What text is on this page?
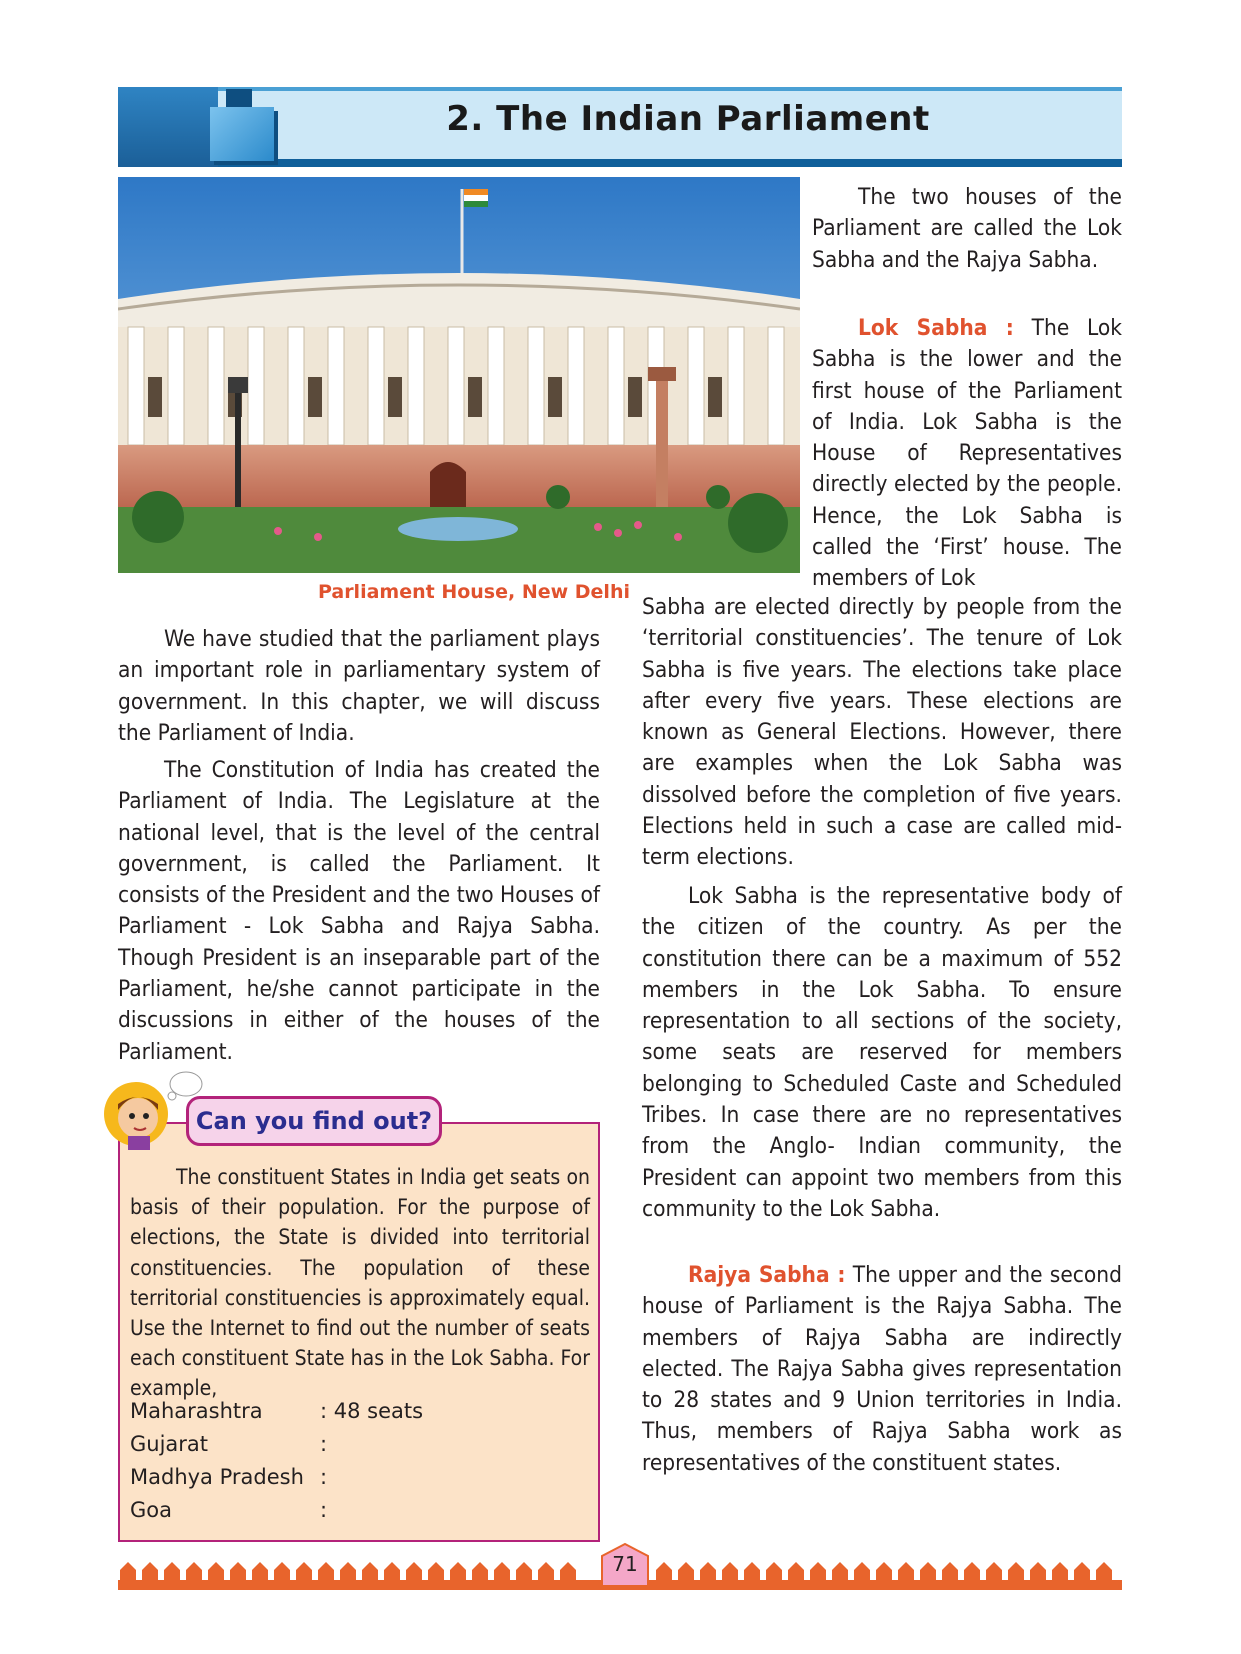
2. The Indian Parliament
Parliament House, New Delhi

The two houses of the Parliament are called the Lok Sabha and the Rajya Sabha.

Lok Sabha : The Lok Sabha is the lower and the first house of the Parliament of India. Lok Sabha is the House of Representatives directly elected by the people. Hence, the Lok Sabha is called the ‘First’ house. The members of Lok

Sabha are elected directly by people from the ‘territorial constituencies’. The tenure of Lok Sabha is five years. The elections take place after every five years. These elections are known as General Elections. However, there are examples when the Lok Sabha was dissolved before the completion of five years. Elections held in such a case are called mid-term elections.

Lok Sabha is the representative body of the citizen of the country. As per the constitution there can be a maximum of 552 members in the Lok Sabha. To ensure representation to all sections of the society, some seats are reserved for members belonging to Scheduled Caste and Scheduled Tribes. In case there are no representatives from the Anglo- Indian community, the President can appoint two members from this community to the Lok Sabha.

Rajya Sabha : The upper and the second house of Parliament is the Rajya Sabha. The members of Rajya Sabha are indirectly elected. The Rajya Sabha gives representation to 28 states and 9 Union territories in India. Thus, members of Rajya Sabha work as representatives of the constituent states.

We have studied that the parliament plays an important role in parliamentary system of government. In this chapter, we will discuss the Parliament of India.

The Constitution of India has created the Parliament of India. The Legislature at the national level, that is the level of the central government, is called the Parliament. It consists of the President and the two Houses of Parliament - Lok Sabha and Rajya Sabha. Though President is an inseparable part of the Parliament, he/she cannot participate in the discussions in either of the houses of the Parliament.

The constituent States in India get seats on basis of their population. For the purpose of elections, the State is divided into territorial constituencies. The population of these territorial constituencies is approximately equal. Use the Internet to find out the number of seats each constituent State has in the Lok Sabha. For example,

Maharashtra	: 48 seats
Gujarat	:
Madhya Pradesh :
Goa	:
Can you find out?
71
